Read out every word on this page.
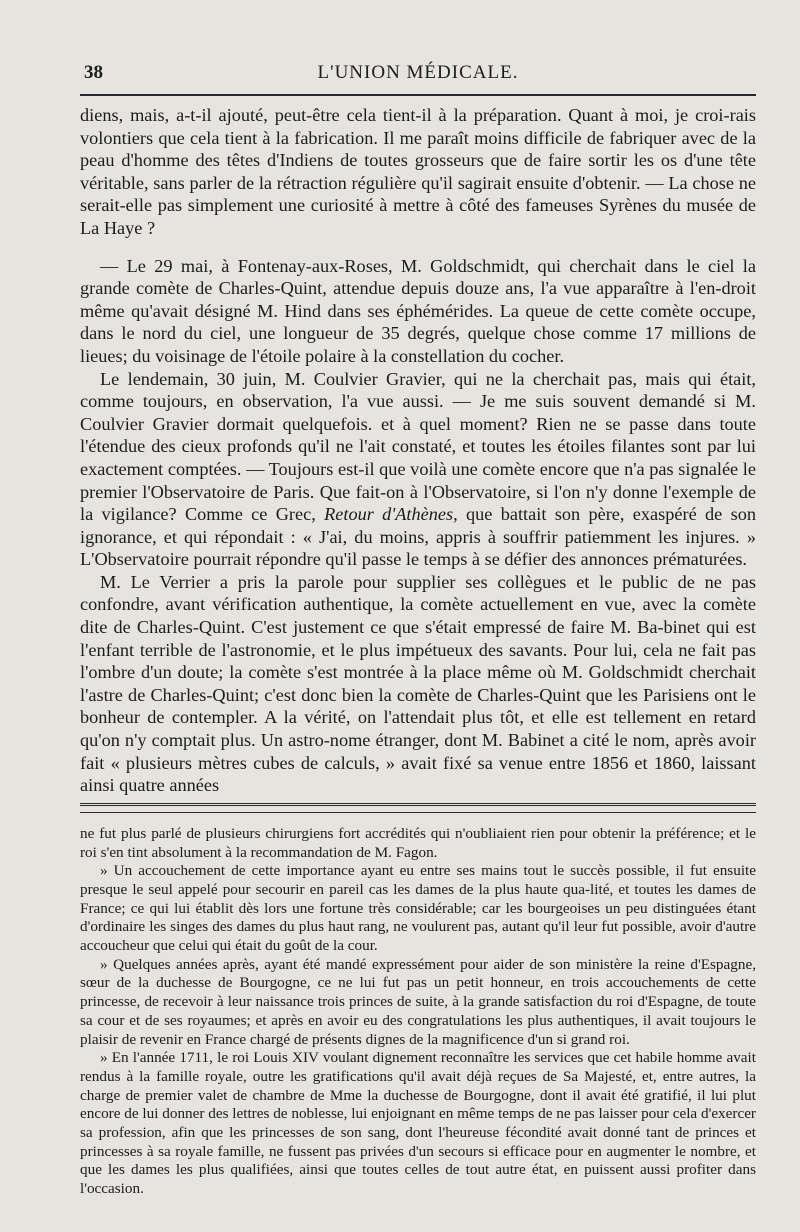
38	L'UNION MÉDICALE.

diens, mais, a-t-il ajouté, peut-être cela tient-il à la préparation. Quant à moi, je croi-rais volontiers que cela tient à la fabrication. Il me paraît moins difficile de fabriquer avec de la peau d'homme des têtes d'Indiens de toutes grosseurs que de faire sortir les os d'une tête véritable, sans parler de la rétraction régulière qu'il sagirait ensuite d'obtenir. — La chose ne serait-elle pas simplement une curiosité à mettre à côté des fameuses Syrènes du musée de La Haye ?

— Le 29 mai, à Fontenay-aux-Roses, M. Goldschmidt, qui cherchait dans le ciel la grande comète de Charles-Quint, attendue depuis douze ans, l'a vue apparaître à l'en-droit même qu'avait désigné M. Hind dans ses éphémérides. La queue de cette comète occupe, dans le nord du ciel, une longueur de 35 degrés, quelque chose comme 17 millions de lieues; du voisinage de l'étoile polaire à la constellation du cocher.

Le lendemain, 30 juin, M. Coulvier Gravier, qui ne la cherchait pas, mais qui était, comme toujours, en observation, l'a vue aussi. — Je me suis souvent demandé si M. Coulvier Gravier dormait quelquefois. et à quel moment? Rien ne se passe dans toute l'étendue des cieux profonds qu'il ne l'ait constaté, et toutes les étoiles filantes sont par lui exactement comptées. — Toujours est-il que voilà une comète encore que n'a pas signalée le premier l'Observatoire de Paris. Que fait-on à l'Observatoire, si l'on n'y donne l'exemple de la vigilance? Comme ce Grec, Retour d'Athènes, que battait son père, exaspéré de son ignorance, et qui répondait : « J'ai, du moins, appris à souffrir patiemment les injures. » L'Observatoire pourrait répondre qu'il passe le temps à se défier des annonces prématurées.

M. Le Verrier a pris la parole pour supplier ses collègues et le public de ne pas confondre, avant vérification authentique, la comète actuellement en vue, avec la comète dite de Charles-Quint. C'est justement ce que s'était empressé de faire M. Ba-binet qui est l'enfant terrible de l'astronomie, et le plus impétueux des savants. Pour lui, cela ne fait pas l'ombre d'un doute; la comète s'est montrée à la place même où M. Goldschmidt cherchait l'astre de Charles-Quint; c'est donc bien la comète de Charles-Quint que les Parisiens ont le bonheur de contempler. A la vérité, on l'attendait plus tôt, et elle est tellement en retard qu'on n'y comptait plus. Un astro-nome étranger, dont M. Babinet a cité le nom, après avoir fait « plusieurs mètres cubes de calculs, » avait fixé sa venue entre 1856 et 1860, laissant ainsi quatre années

ne fut plus parlé de plusieurs chirurgiens fort accrédités qui n'oubliaient rien pour obtenir la préférence; et le roi s'en tint absolument à la recommandation de M. Fagon.

» Un accouchement de cette importance ayant eu entre ses mains tout le succès possible, il fut ensuite presque le seul appelé pour secourir en pareil cas les dames de la plus haute qua-lité, et toutes les dames de France; ce qui lui établit dès lors une fortune très considérable; car les bourgeoises un peu distinguées étant d'ordinaire les singes des dames du plus haut rang, ne voulurent pas, autant qu'il leur fut possible, avoir d'autre accoucheur que celui qui était du goût de la cour.

» Quelques années après, ayant été mandé expressément pour aider de son ministère la reine d'Espagne, sœur de la duchesse de Bourgogne, ce ne lui fut pas un petit honneur, en trois accouchements de cette princesse, de recevoir à leur naissance trois princes de suite, à la grande satisfaction du roi d'Espagne, de toute sa cour et de ses royaumes; et après en avoir eu des congratulations les plus authentiques, il avait toujours le plaisir de revenir en France chargé de présents dignes de la magnificence d'un si grand roi.

» En l'année 1711, le roi Louis XIV voulant dignement reconnaître les services que cet habile homme avait rendus à la famille royale, outre les gratifications qu'il avait déjà reçues de Sa Majesté, et, entre autres, la charge de premier valet de chambre de Mme la duchesse de Bourgogne, dont il avait été gratifié, il lui plut encore de lui donner des lettres de noblesse, lui enjoignant en même temps de ne pas laisser pour cela d'exercer sa profession, afin que les princesses de son sang, dont l'heureuse fécondité avait donné tant de princes et princesses à sa royale famille, ne fussent pas privées d'un secours si efficace pour en augmenter le nombre, et que les dames les plus qualifiées, ainsi que toutes celles de tout autre état, en puissent aussi profiter dans l'occasion.
